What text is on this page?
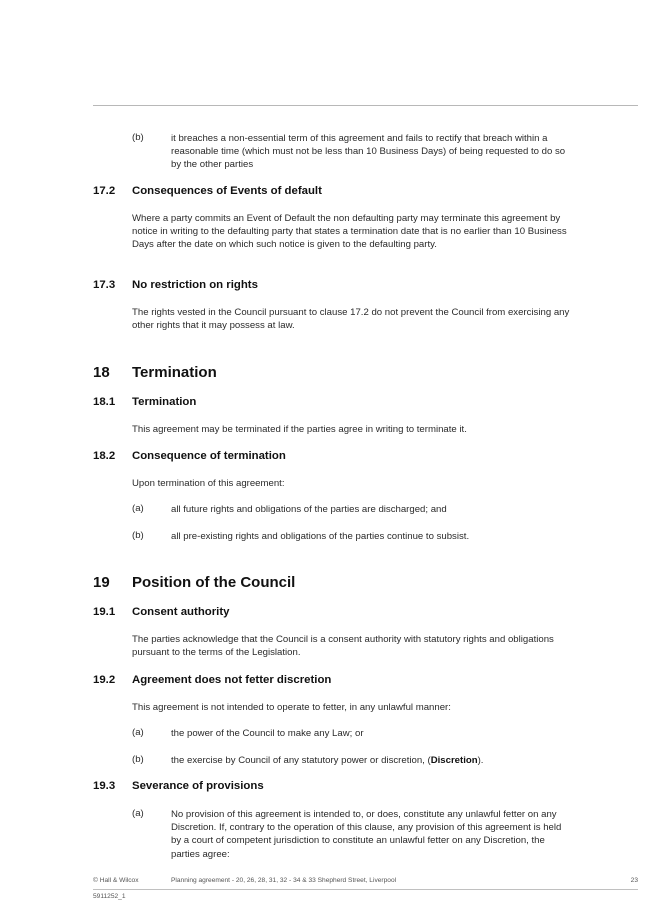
(b)	it breaches a non-essential term of this agreement and fails to rectify that breach within a reasonable time (which must not be less than 10 Business Days) of being requested to do so by the other parties
17.2 Consequences of Events of default
Where a party commits an Event of Default the non defaulting party may terminate this agreement by notice in writing to the defaulting party that states a termination date that is no earlier than 10 Business Days after the date on which such notice is given to the defaulting party.
17.3 No restriction on rights
The rights vested in the Council pursuant to clause 17.2 do not prevent the Council from exercising any other rights that it may possess at law.
18 Termination
18.1 Termination
This agreement may be terminated if the parties agree in writing to terminate it.
18.2 Consequence of termination
Upon termination of this agreement:
(a)	all future rights and obligations of the parties are discharged; and
(b)	all pre-existing rights and obligations of the parties continue to subsist.
19 Position of the Council
19.1 Consent authority
The parties acknowledge that the Council is a consent authority with statutory rights and obligations pursuant to the terms of the Legislation.
19.2 Agreement does not fetter discretion
This agreement is not intended to operate to fetter, in any unlawful manner:
(a)	the power of the Council to make any Law; or
(b)	the exercise by Council of any statutory power or discretion, (Discretion).
19.3 Severance of provisions
(a)	No provision of this agreement is intended to, or does, constitute any unlawful fetter on any Discretion. If, contrary to the operation of this clause, any provision of this agreement is held by a court of competent jurisdiction to constitute an unlawful fetter on any Discretion, the parties agree:
© Hall & Wilcox	Planning agreement - 20, 26, 28, 31, 32 - 34 & 33 Shepherd Street, Liverpool	23
5911252_1
